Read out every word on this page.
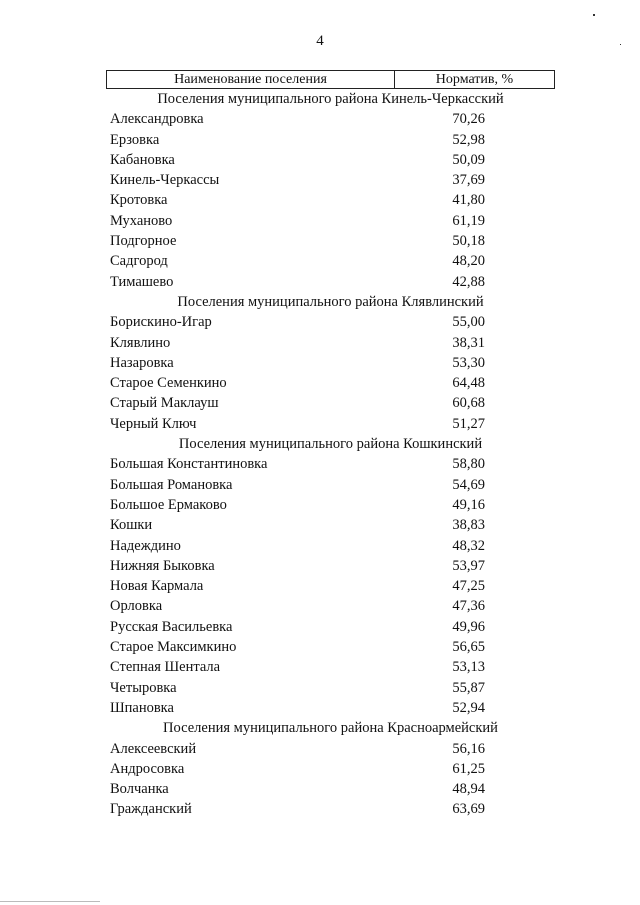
4
Наименование поселения	Норматив, %
Поселения муниципального района Кинель-Черкасский
Александровка	70,26
Ерзовка	52,98
Кабановка	50,09
Кинель-Черкассы	37,69
Кротовка	41,80
Муханово	61,19
Подгорное	50,18
Садгород	48,20
Тимашево	42,88
Поселения муниципального района Клявлинский
Борискино-Игар	55,00
Клявлино	38,31
Назаровка	53,30
Старое Семенкино	64,48
Старый Маклауш	60,68
Черный Ключ	51,27
Поселения муниципального района Кошкинский
Большая Константиновка	58,80
Большая Романовка	54,69
Большое Ермаково	49,16
Кошки	38,83
Надеждино	48,32
Нижняя Быковка	53,97
Новая Кармала	47,25
Орловка	47,36
Русская Васильевка	49,96
Старое Максимкино	56,65
Степная Шентала	53,13
Четыровка	55,87
Шпановка	52,94
Поселения муниципального района Красноармейский
Алексеевский	56,16
Андросовка	61,25
Волчанка	48,94
Гражданский	63,69
